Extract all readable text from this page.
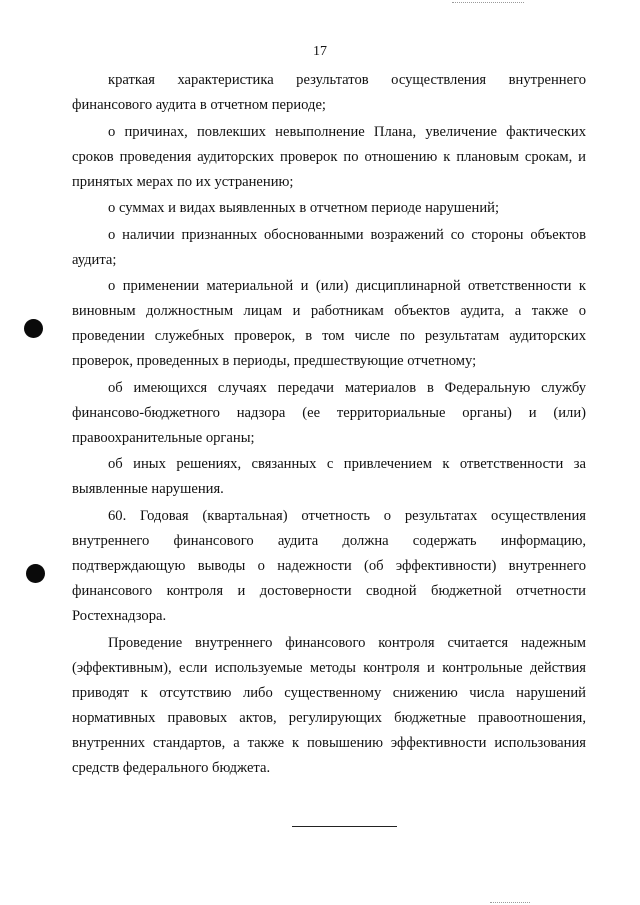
17

краткая характеристика результатов осуществления внутреннего финансового аудита в отчетном периоде;

о причинах, повлекших невыполнение Плана, увеличение фактических сроков проведения аудиторских проверок по отношению к плановым срокам, и принятых мерах по их устранению;

о суммах и видах выявленных в отчетном периоде нарушений;

о наличии признанных обоснованными возражений со стороны объектов аудита;

о применении материальной и (или) дисциплинарной ответственности к виновным должностным лицам и работникам объектов аудита, а также о проведении служебных проверок, в том числе по результатам аудиторских проверок, проведенных в периоды, предшествующие отчетному;

об имеющихся случаях передачи материалов в Федеральную службу финансово-бюджетного надзора (ее территориальные органы) и (или) правоохранительные органы;

об иных решениях, связанных с привлечением к ответственности за выявленные нарушения.

60. Годовая (квартальная) отчетность о результатах осуществления внутреннего финансового аудита должна содержать информацию, подтверждающую выводы о надежности (об эффективности) внутреннего финансового контроля и достоверности сводной бюджетной отчетности Ростехнадзора.

Проведение внутреннего финансового контроля считается надежным (эффективным), если используемые методы контроля и контрольные действия приводят к отсутствию либо существенному снижению числа нарушений нормативных правовых актов, регулирующих бюджетные правоотношения, внутренних стандартов, а также к повышению эффективности использования средств федерального бюджета.
